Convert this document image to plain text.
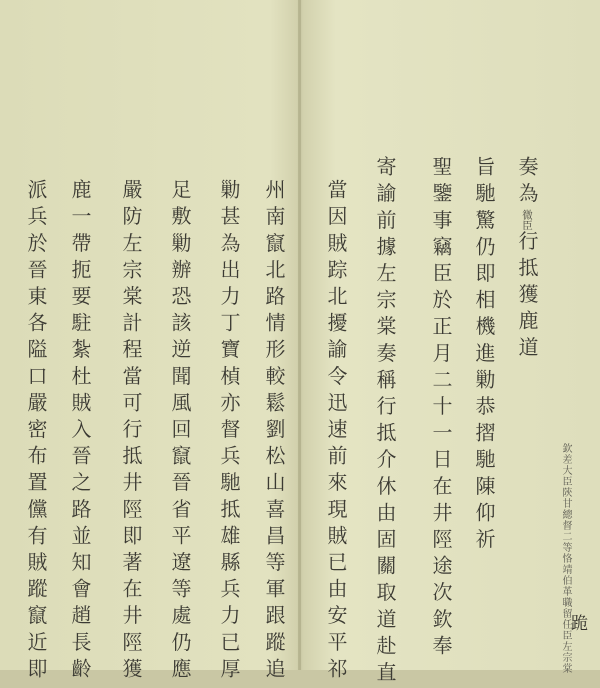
欽差大臣陝甘總督二等恪靖伯革職留任臣左宗棠
跪
奏為微臣行抵獲鹿道
旨馳驚仍即相機進勦恭摺馳陳仰祈
聖鑒事竊臣於正月二十一日在井陘途次欽奉
寄諭前據左宗棠奏稱行抵介休由固關取道赴直
當因賊踪北擾諭令迅速前來現賊已由安平祁
州南竄北路情形較鬆劉松山喜昌等軍跟蹤追
勦甚為出力丁寶楨亦督兵馳抵雄縣兵力已厚
足敷勦辦恐該逆聞風回竄晉省平遼等處仍應
嚴防左宗棠計程當可行抵井陘即著在井陘獲
鹿一帶扼要駐紮杜賊入晉之路並知會趙長齡
派兵於晉東各隘口嚴密布置儻有賊蹤竄近即
